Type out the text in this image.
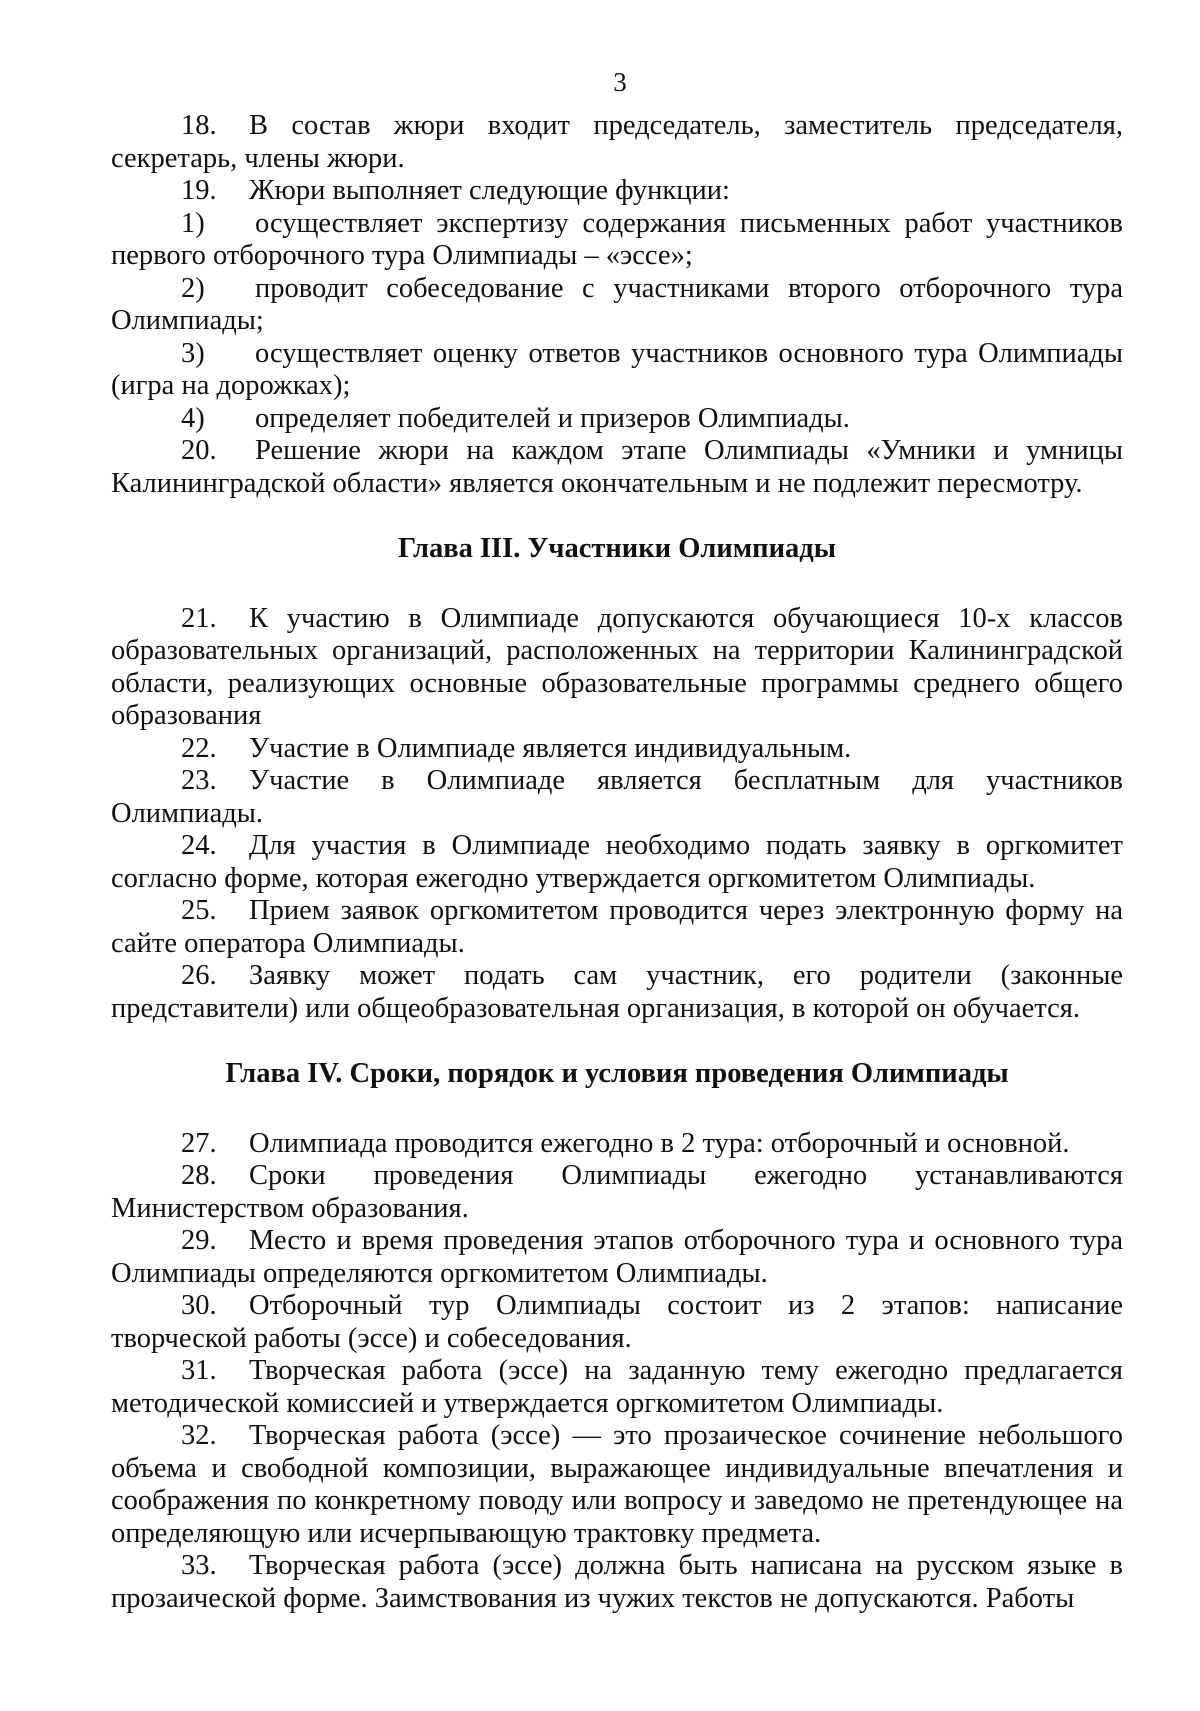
3

18. В состав жюри входит председатель, заместитель председателя, секретарь, члены жюри.

19. Жюри выполняет следующие функции:

1) осуществляет экспертизу содержания письменных работ участников первого отборочного тура Олимпиады – «эссе»;

2) проводит собеседование с участниками второго отборочного тура Олимпиады;

3) осуществляет оценку ответов участников основного тура Олимпиады (игра на дорожках);

4) определяет победителей и призеров Олимпиады.

20. Решение жюри на каждом этапе Олимпиады «Умники и умницы Калининградской области» является окончательным и не подлежит пересмотру.

Глава III. Участники Олимпиады

21. К участию в Олимпиаде допускаются обучающиеся 10-х классов образовательных организаций, расположенных на территории Калининградской области, реализующих основные образовательные программы среднего общего образования

22. Участие в Олимпиаде является индивидуальным.

23. Участие в Олимпиаде является бесплатным для участников Олимпиады.

24. Для участия в Олимпиаде необходимо подать заявку в оргкомитет согласно форме, которая ежегодно утверждается оргкомитетом Олимпиады.

25. Прием заявок оргкомитетом проводится через электронную форму на сайте оператора Олимпиады.

26. Заявку может подать сам участник, его родители (законные представители) или общеобразовательная организация, в которой он обучается.

Глава IV. Сроки, порядок и условия проведения Олимпиады

27. Олимпиада проводится ежегодно в 2 тура: отборочный и основной.

28. Сроки проведения Олимпиады ежегодно устанавливаются Министерством образования.

29. Место и время проведения этапов отборочного тура и основного тура Олимпиады определяются оргкомитетом Олимпиады.

30. Отборочный тур Олимпиады состоит из 2 этапов: написание творческой работы (эссе) и собеседования.

31. Творческая работа (эссе) на заданную тему ежегодно предлагается методической комиссией и утверждается оргкомитетом Олимпиады.

32. Творческая работа (эссе) — это прозаическое сочинение небольшого объема и свободной композиции, выражающее индивидуальные впечатления и соображения по конкретному поводу или вопросу и заведомо не претендующее на определяющую или исчерпывающую трактовку предмета.

33. Творческая работа (эссе) должна быть написана на русском языке в прозаической форме. Заимствования из чужих текстов не допускаются. Работы
